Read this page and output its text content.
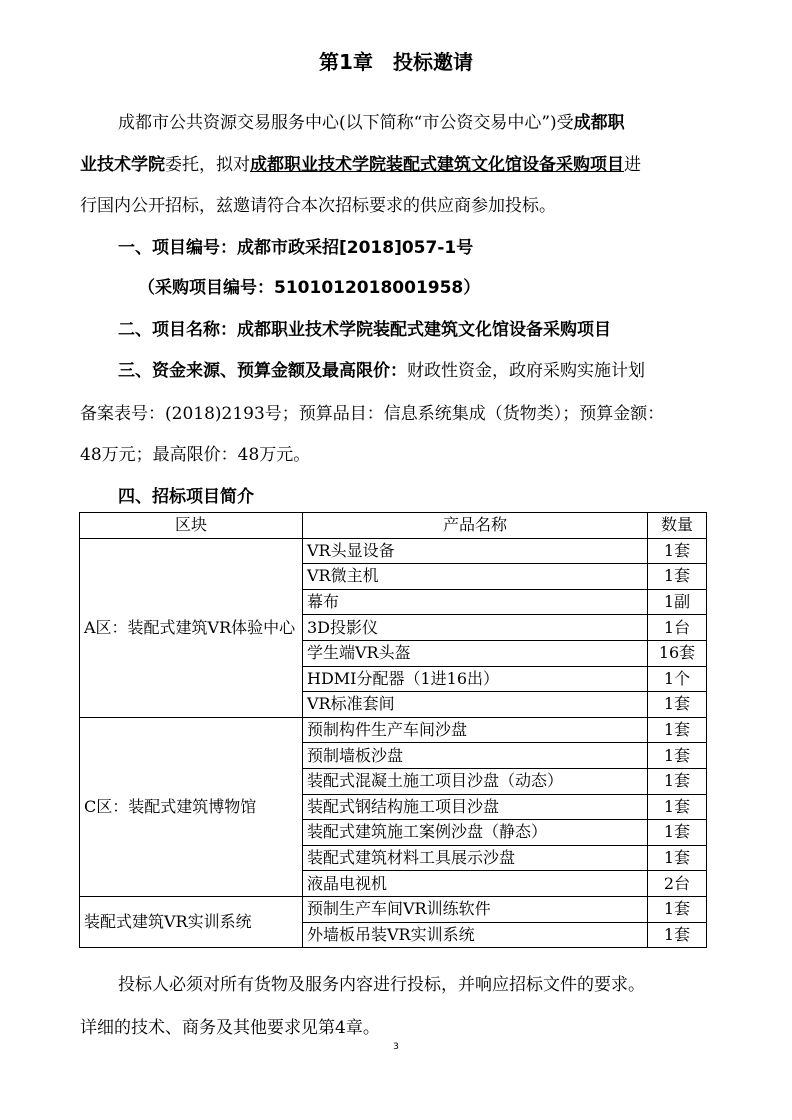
第1章　投标邀请
成都市公共资源交易服务中心(以下简称“市公资交易中心”)受成都职
业技术学院委托，拟对成都职业技术学院装配式建筑文化馆设备采购项目进
行国内公开招标，兹邀请符合本次招标要求的供应商参加投标。
一、项目编号：成都市政采招[2018]057-1号
（采购项目编号：5101012018001958）
二、项目名称：成都职业技术学院装配式建筑文化馆设备采购项目
三、资金来源、预算金额及最高限价：财政性资金，政府采购实施计划
备案表号：(2018)2193号；预算品目：信息系统集成（货物类）；预算金额：
48万元；最高限价：48万元。
四、招标项目简介
区块	产品名称	数量
A区：装配式建筑VR体验中心	VR头显设备	1套
	VR微主机	1套
	幕布	1副
	3D投影仪	1台
	学生端VR头盔	16套
	HDMI分配器（1进16出）	1个
	VR标准套间	1套
C区：装配式建筑博物馆	预制构件生产车间沙盘	1套
	预制墙板沙盘	1套
	装配式混凝土施工项目沙盘（动态）	1套
	装配式钢结构施工项目沙盘	1套
	装配式建筑施工案例沙盘（静态）	1套
	装配式建筑材料工具展示沙盘	1套
	液晶电视机	2台
装配式建筑VR实训系统	预制生产车间VR训练软件	1套
	外墙板吊装VR实训系统	1套
投标人必须对所有货物及服务内容进行投标，并响应招标文件的要求。
详细的技术、商务及其他要求见第4章。
3
